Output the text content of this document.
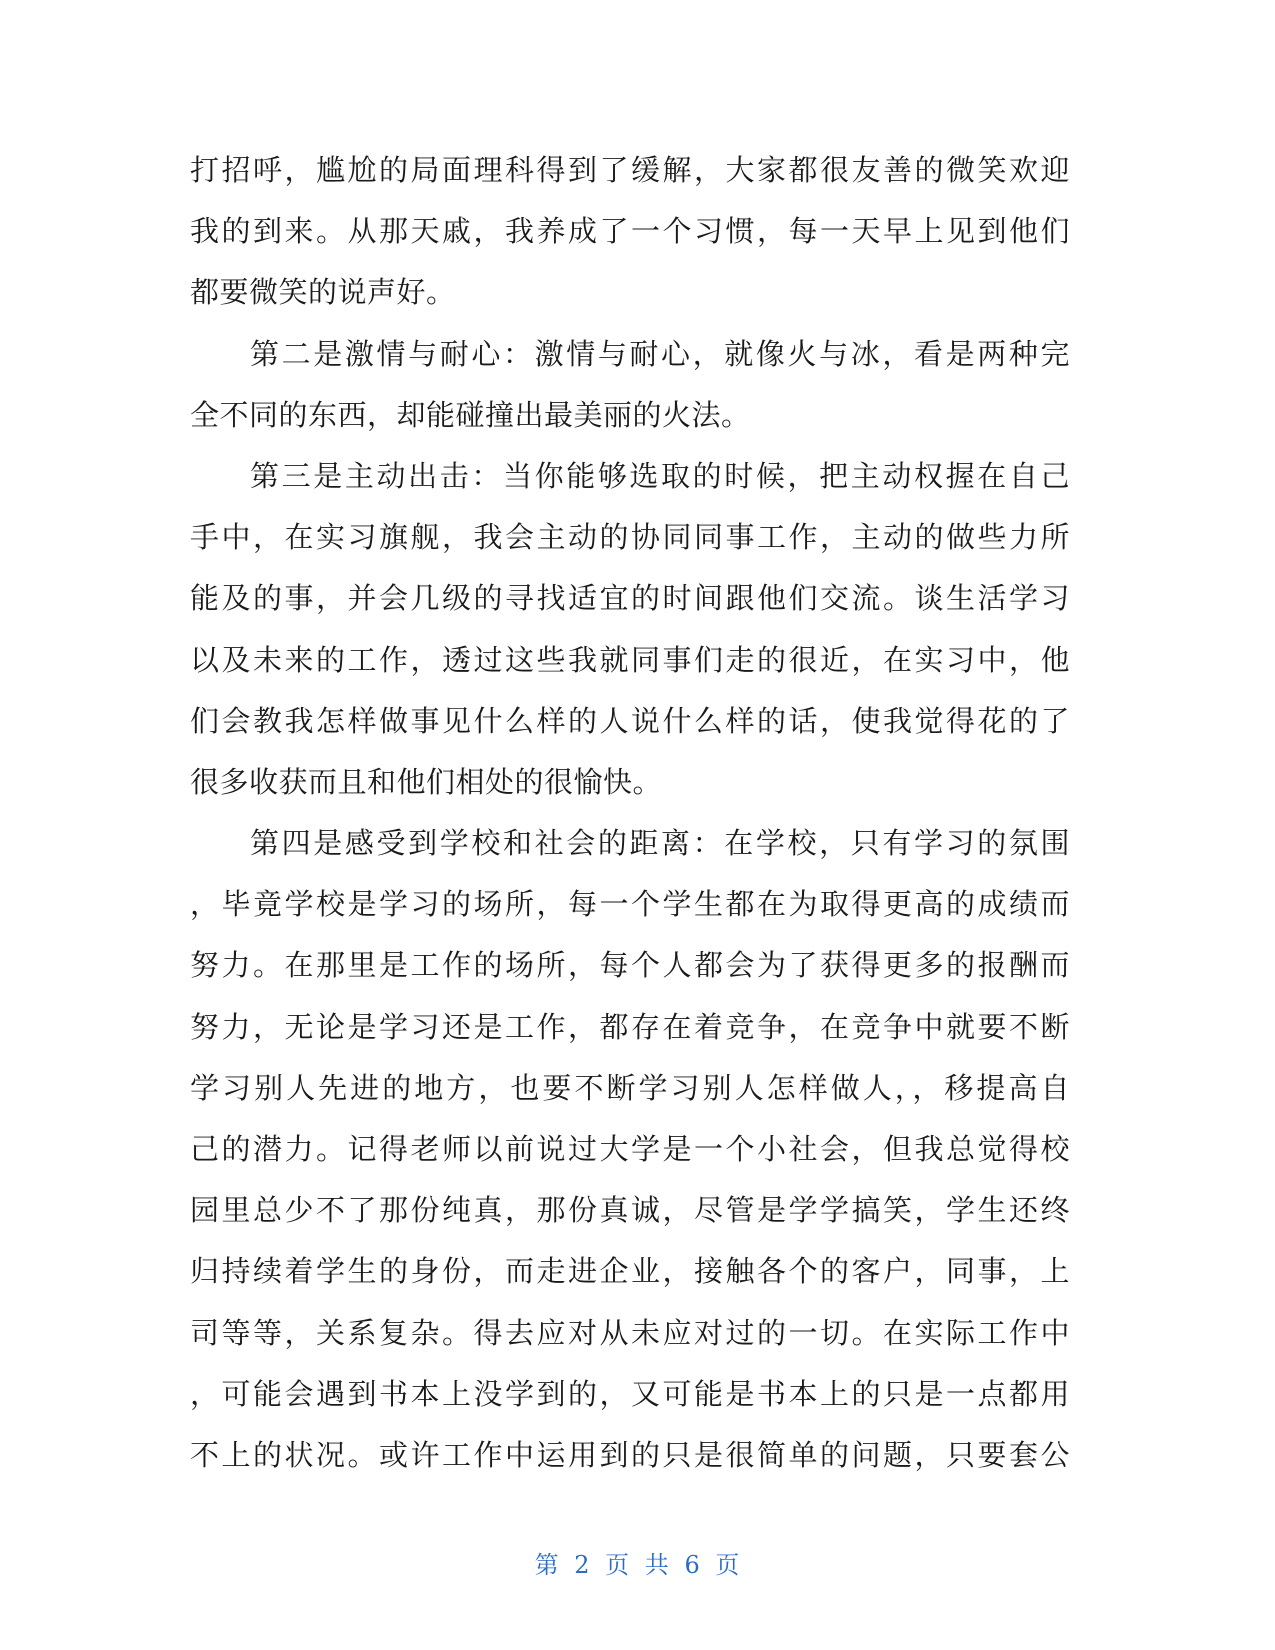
打招呼，尴尬的局面理科得到了缓解，大家都很友善的微笑欢迎
我的到来。从那天戚，我养成了一个习惯，每一天早上见到他们
都要微笑的说声好。
第二是激情与耐心：激情与耐心，就像火与冰，看是两种完
全不同的东西，却能碰撞出最美丽的火法。
第三是主动出击：当你能够选取的时候，把主动权握在自己
手中，在实习旗舰，我会主动的协同同事工作，主动的做些力所
能及的事，并会几级的寻找适宜的时间跟他们交流。谈生活学习
以及未来的工作，透过这些我就同事们走的很近，在实习中，他
们会教我怎样做事见什么样的人说什么样的话，使我觉得花的了
很多收获而且和他们相处的很愉快。
第四是感受到学校和社会的距离：在学校，只有学习的氛围
，毕竟学校是学习的场所，每一个学生都在为取得更高的成绩而
努力。在那里是工作的场所，每个人都会为了获得更多的报酬而
努力，无论是学习还是工作，都存在着竞争，在竞争中就要不断
学习别人先进的地方，也要不断学习别人怎样做人，，移提高自
己的潜力。记得老师以前说过大学是一个小社会，但我总觉得校
园里总少不了那份纯真，那份真诚，尽管是学学搞笑，学生还终
归持续着学生的身份，而走进企业，接触各个的客户，同事，上
司等等，关系复杂。得去应对从未应对过的一切。在实际工作中
，可能会遇到书本上没学到的，又可能是书本上的只是一点都用
不上的状况。或许工作中运用到的只是很简单的问题，只要套公
第 2 页 共 6 页
